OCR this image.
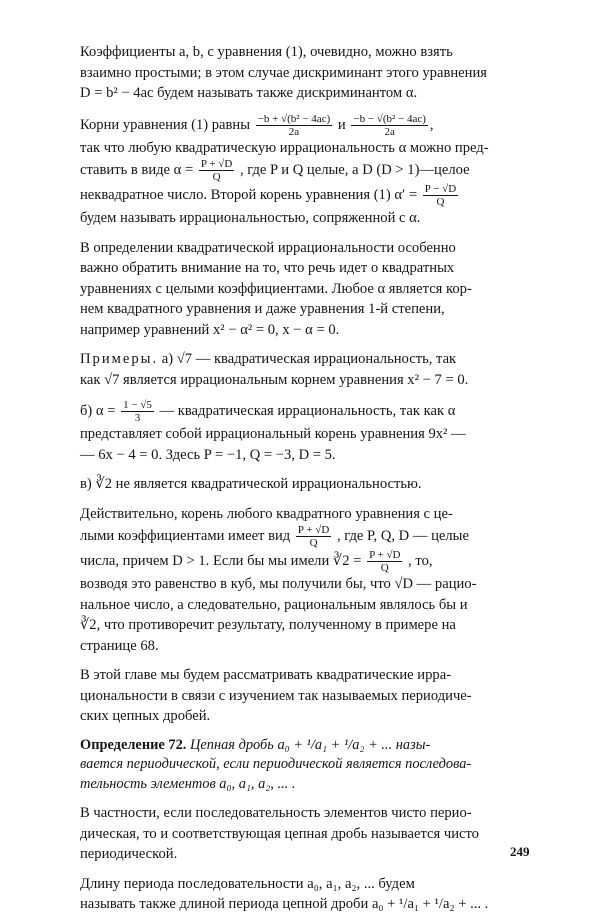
Коэффициенты a, b, c уравнения (1), очевидно, можно взять
взаимно простыми; в этом случае дискриминант этого уравнения
D = b² − 4ac будем называть также дискриминантом α.

Корни уравнения (1) равны $\frac{\text{−b + √(b² − 4ac)}}{2a}$ и $\frac{\text{−b − √(b² − 4ac)}}{2a}$ ,
так что любую квадратическую иррациональность α можно пред-
ставить в виде $\alpha = \frac{P + √D}{Q}$ , где P и Q целые, а D (D > 1)—целое
неквадратное число. Второй корень уравнения (1) $\alpha' = \frac{P - √D}{Q}$
будем называть иррациональностью, сопряженной с α.

В определении квадратической иррациональности особенно
важно обратить внимание на то, что речь идет о квадратных
уравнениях с целыми коэффициентами. Любое α является кор-
нем квадратного уравнения и даже уравнения 1-й степени,
например уравнений x² − α² = 0, x − α = 0.

Примеры. а) √7 — квадратическая иррациональность, так
как √7 является иррациональным корнем уравнения x² − 7 = 0.

б) $\alpha = \frac{1 - √5}{3}$ — квадратическая иррациональность, так как α
представляет собой иррациональный корень уравнения 9x² —
— 6x − 4 = 0. Здесь P = −1, Q = −3, D = 5.

в) ∛2 не является квадратической иррациональностью.

Действительно, корень любого квадратного уравнения с це-
лыми коэффициентами имеет вид $\frac{P + √D}{Q}$ , где P, Q, D — целые
числа, причем D > 1. Если бы мы имели ∛2 = $\frac{P + √D}{Q}$ , то,
возводя это равенство в куб, мы получили бы, что √D — рацио-
нальное число, а следовательно, рациональным являлось бы и
∛2, что противоречит результату, полученному в примере на
странице 68.

В этой главе мы будем рассматривать квадратические ирра-
циональности в связи с изучением так называемых периодиче-
ских цепных дробей.

Определение 72. Цепная дробь a₀ + ¹/a₁ + ¹/a₂ + ... назы-
вается периодической, если периодической является последова-
тельность элементов a₀, a₁, a₂, ... .

В частности, если последовательность элементов чисто перио-
дическая, то и соответствующая цепная дробь называется чисто
периодической.

Длину периода последовательности a₀, a₁, a₂, ... будем
называть также длиной периода цепной дроби a₀ + ¹/a₁ + ¹/a₂ + ... .

249
